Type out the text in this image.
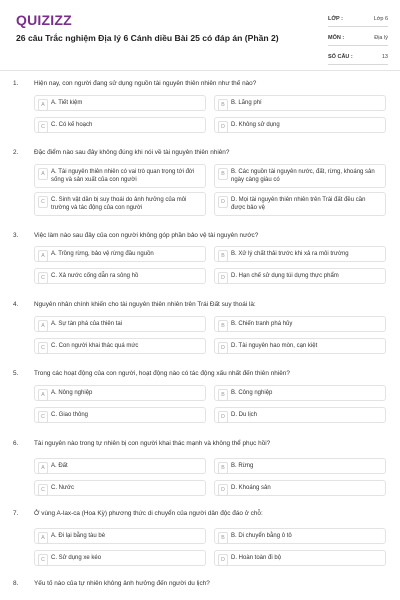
QUIZIZZ
26 câu Trắc nghiệm Địa lý 6 Cánh diều Bài 25 có đáp án (Phần 2)
LỚP :	Lớp 6
MÔN :	Địa lý
SỐ CÂU :	13
1. Hiện nay, con người đang sử dụng nguồn tài nguyên thiên nhiên như thế nào?
A	A. Tiết kiệm	B	B. Lãng phí
C	C. Có kế hoạch	D	D. Không sử dụng
2. Đặc điểm nào sau đây không đúng khi nói về tài nguyên thiên nhiên?
A	A. Tài nguyên thiên nhiên có vai trò quan trọng tới đời sống và sản xuất của con người
B	B. Các nguồn tài nguyên nước, đất, rừng, khoáng sản ngày càng giàu có
C	C. Sinh vật dần bị suy thoái do ảnh hưởng của môi trường và tác động của con người
D	D. Mọi tài nguyên thiên nhiên trên Trái đất đều cần được bảo vệ
3. Việc làm nào sau đây của con người không góp phần bảo vệ tài nguyên nước?
A	A. Trồng rừng, bảo vệ rừng đầu nguồn	B	B. Xử lý chất thải trước khi xả ra môi trường
C	C. Xả nước cống dẫn ra sông hồ	D	D. Hạn chế sử dụng túi dựng thực phẩm
4. Nguyên nhân chính khiến cho tài nguyên thiên nhiên trên Trái Đất suy thoái là:
A	A. Sự tàn phá của thiên tai	B	B. Chiến tranh phá hủy
C	C. Con người khai thác quá mức	D	D. Tài nguyên hao mòn, cạn kiệt
5. Trong các hoạt động của con người, hoạt động nào có tác động xấu nhất đến thiên nhiên?
A	A. Nông nghiệp	B	B. Công nghiệp
C	C. Giao thông	D	D. Du lịch
6. Tài nguyên nào trong tự nhiên bị con người khai thác mạnh và không thể phục hồi?
A	A. Đất	B	B. Rừng
C	C. Nước	D	D. Khoáng sản
7. Ở vùng A-lax-ca (Hoa Kỳ) phương thức di chuyển của người dân độc đáo ở chỗ:
A	A. Đi lại bằng tàu bè	B	B. Di chuyển bằng ô tô
C	C. Sử dụng xe kéo	D	D. Hoàn toàn đi bộ
8. Yếu tố nào của tự nhiên không ảnh hưởng đến người du lịch?
